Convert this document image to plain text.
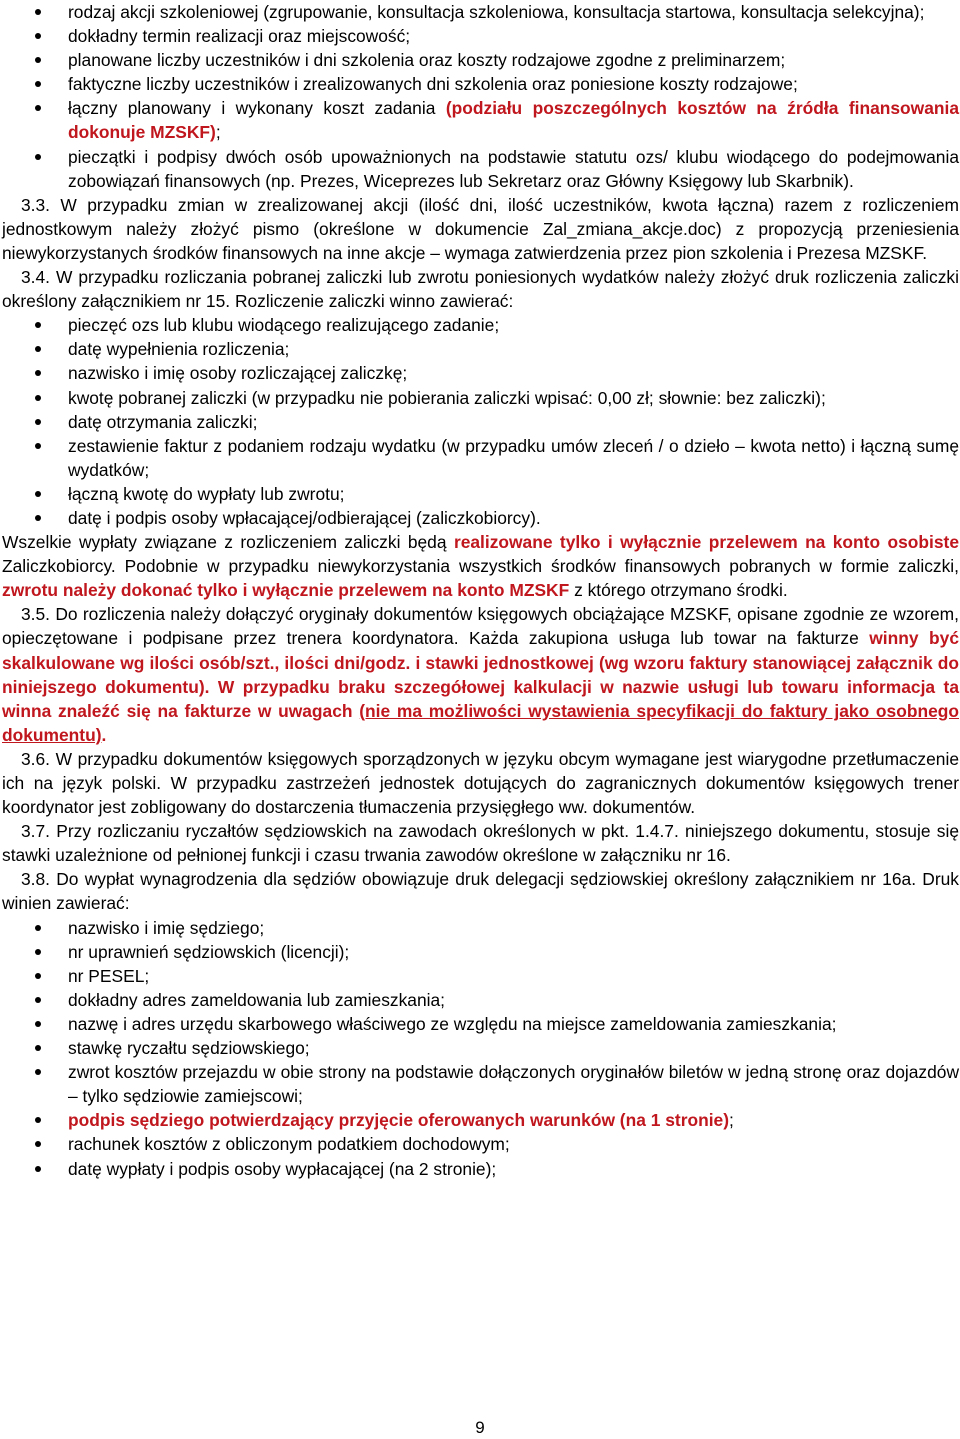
rodzaj akcji szkoleniowej (zgrupowanie, konsultacja szkoleniowa, konsultacja startowa, konsultacja selekcyjna);
dokładny termin realizacji oraz miejscowość;
planowane liczby uczestników i dni szkolenia oraz koszty rodzajowe zgodne z preliminarzem;
faktyczne liczby uczestników i zrealizowanych dni szkolenia oraz poniesione koszty rodzajowe;
łączny planowany i wykonany koszt zadania (podziału poszczególnych kosztów na źródła finansowania dokonuje MZSKF);
pieczątki i podpisy dwóch osób upoważnionych na podstawie statutu ozs/ klubu wiodącego do podejmowania zobowiązań finansowych (np. Prezes, Wiceprezes lub Sekretarz oraz Główny Księgowy lub Skarbnik).

3.3. W przypadku zmian w zrealizowanej akcji (ilość dni, ilość uczestników, kwota łączna) razem z rozliczeniem jednostkowym należy złożyć pismo (określone w dokumencie Zal_zmiana_akcje.doc) z propozycją przeniesienia niewykorzystanych środków finansowych na inne akcje – wymaga zatwierdzenia przez pion szkolenia i Prezesa MZSKF.

3.4. W przypadku rozliczania pobranej zaliczki lub zwrotu poniesionych wydatków należy złożyć druk rozliczenia zaliczki określony załącznikiem nr 15. Rozliczenie zaliczki winno zawierać:

pieczęć ozs lub klubu wiodącego realizującego zadanie;
datę wypełnienia rozliczenia;
nazwisko i imię osoby rozliczającej zaliczkę;
kwotę pobranej zaliczki (w przypadku nie pobierania zaliczki wpisać: 0,00 zł; słownie: bez zaliczki);
datę otrzymania zaliczki;
zestawienie faktur z podaniem rodzaju wydatku (w przypadku umów zleceń / o dzieło – kwota netto) i łączną sumę wydatków;
łączną kwotę do wypłaty lub zwrotu;
datę i podpis osoby wpłacającej/odbierającej (zaliczkobiorcy).

Wszelkie wypłaty związane z rozliczeniem zaliczki będą realizowane tylko i wyłącznie przelewem na konto osobiste Zaliczkobiorcy. Podobnie w przypadku niewykorzystania wszystkich środków finansowych pobranych w formie zaliczki, zwrotu należy dokonać tylko i wyłącznie przelewem na konto MZSKF z którego otrzymano środki.

3.5. Do rozliczenia należy dołączyć oryginały dokumentów księgowych obciążające MZSKF, opisane zgodnie ze wzorem, opieczętowane i podpisane przez trenera koordynatora. Każda zakupiona usługa lub towar na fakturze winny być skalkulowane wg ilości osób/szt., ilości dni/godz. i stawki jednostkowej (wg wzoru faktury stanowiącej załącznik do niniejszego dokumentu). W przypadku braku szczegółowej kalkulacji w nazwie usługi lub towaru informacja ta winna znaleźć się na fakturze w uwagach (nie ma możliwości wystawienia specyfikacji do faktury jako osobnego dokumentu).

3.6. W przypadku dokumentów księgowych sporządzonych w języku obcym wymagane jest wiarygodne przetłumaczenie ich na język polski. W przypadku zastrzeżeń jednostek dotujących do zagranicznych dokumentów księgowych trener koordynator jest zobligowany do dostarczenia tłumaczenia przysięgłego ww. dokumentów.

3.7. Przy rozliczaniu ryczałtów sędziowskich na zawodach określonych w pkt. 1.4.7. niniejszego dokumentu, stosuje się stawki uzależnione od pełnionej funkcji i czasu trwania zawodów określone w załączniku nr 16.

3.8. Do wypłat wynagrodzenia dla sędziów obowiązuje druk delegacji sędziowskiej określony załącznikiem nr 16a. Druk winien zawierać:

nazwisko i imię sędziego;
nr uprawnień sędziowskich (licencji);
nr PESEL;
dokładny adres zameldowania lub zamieszkania;
nazwę i adres urzędu skarbowego właściwego ze względu na miejsce zameldowania zamieszkania;
stawkę ryczałtu sędziowskiego;
zwrot kosztów przejazdu w obie strony na podstawie dołączonych oryginałów biletów w jedną stronę oraz dojazdów – tylko sędziowie zamiejscowi;
podpis sędziego potwierdzający przyjęcie oferowanych warunków (na 1 stronie);
rachunek kosztów z obliczonym podatkiem dochodowym;
datę wypłaty i podpis osoby wypłacającej (na 2 stronie);
9
